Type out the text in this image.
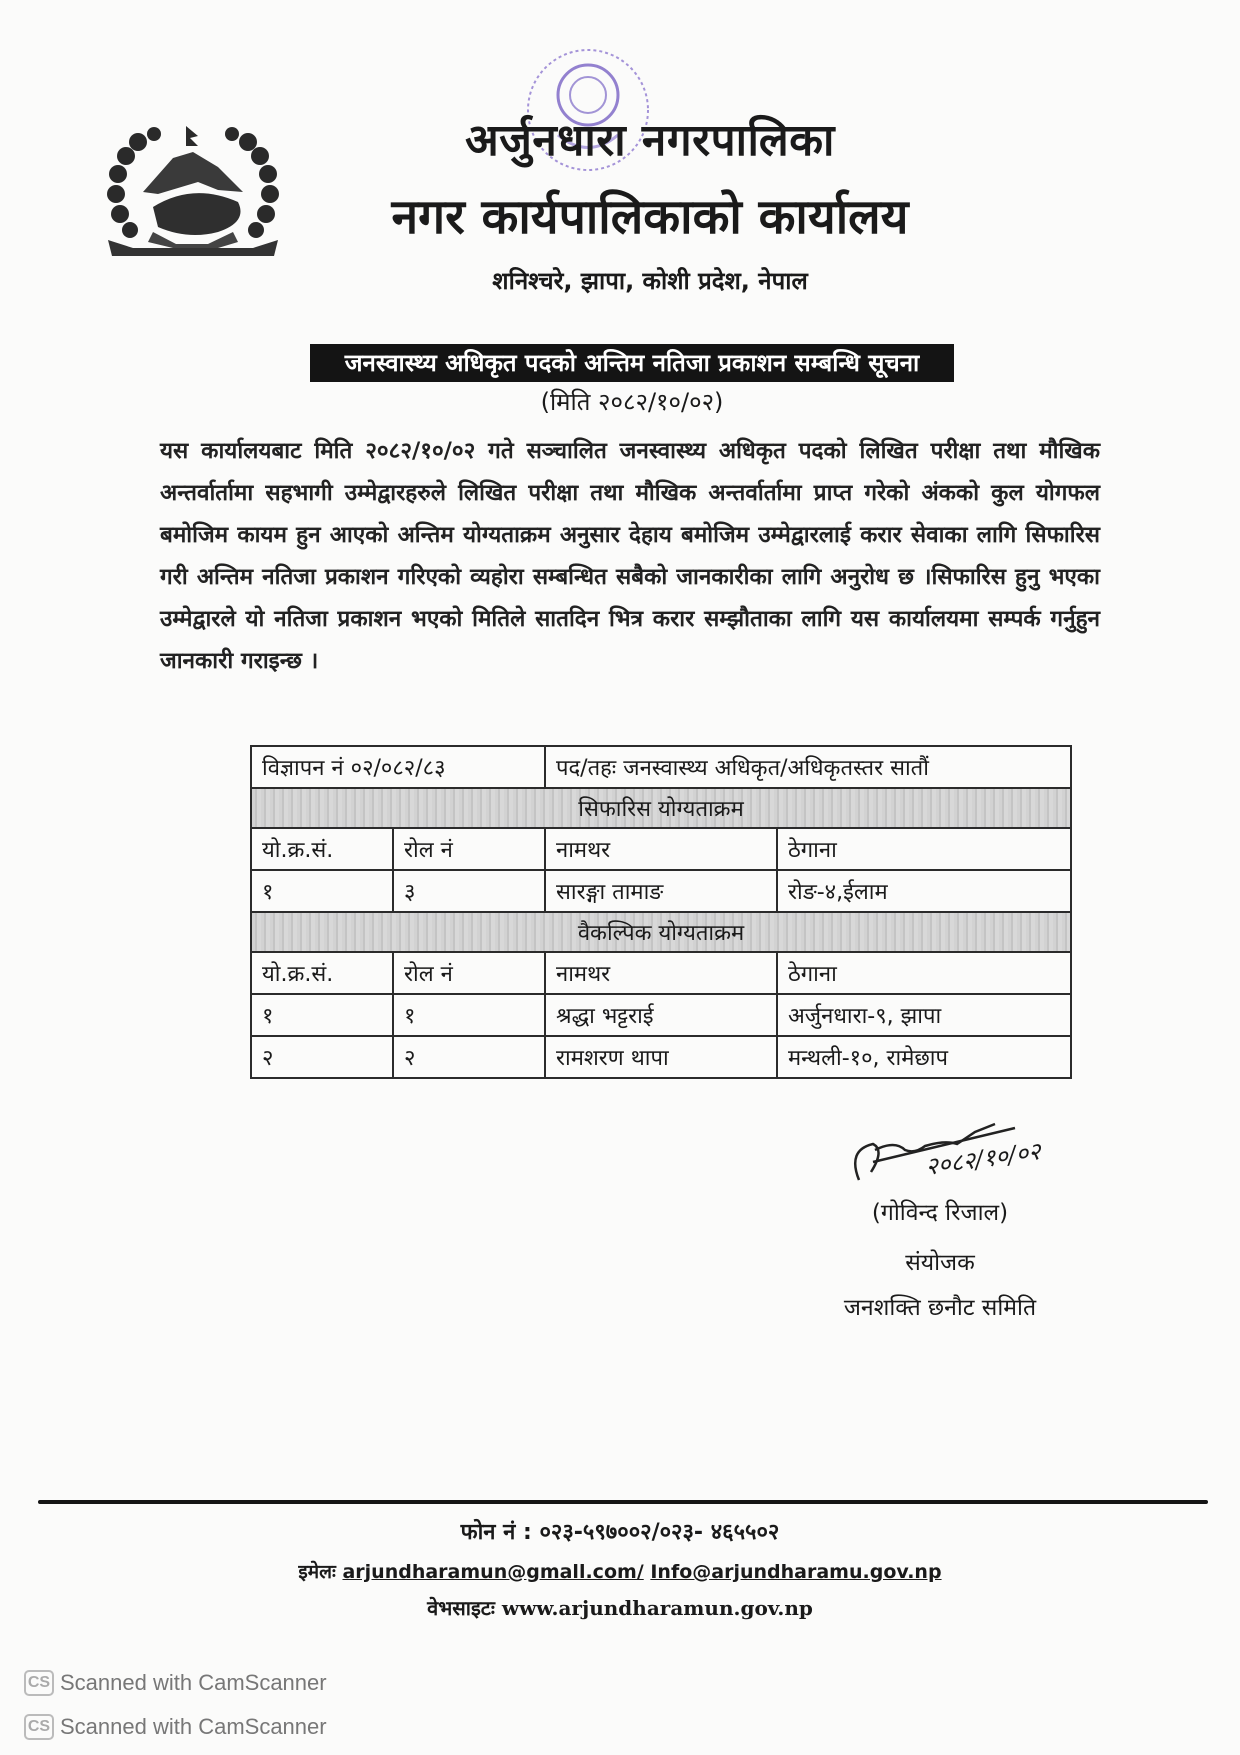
अर्जुनधारा नगरपालिका
नगर कार्यपालिकाको कार्यालय
शनिश्चरे, झापा, कोशी प्रदेश, नेपाल
जनस्वास्थ्य अधिकृत पदको अन्तिम नतिजा प्रकाशन सम्बन्धि सूचना
(मिति २०८२/१०/०२)
यस कार्यालयबाट मिति २०८२/१०/०२ गते सञ्चालित जनस्वास्थ्य अधिकृत पदको लिखित परीक्षा तथा मौखिक अन्तर्वार्तामा सहभागी उम्मेद्वारहरुले लिखित परीक्षा तथा मौखिक अन्तर्वार्तामा प्राप्त गरेको अंकको कुल योगफल बमोजिम कायम हुन आएको अन्तिम योग्यताक्रम अनुसार देहाय बमोजिम उम्मेद्वारलाई करार सेवाका लागि सिफारिस गरी अन्तिम नतिजा प्रकाशन गरिएको व्यहोरा सम्बन्धित सबैको जानकारीका लागि अनुरोध छ ।सिफारिस हुनु भएका उम्मेद्वारले यो नतिजा प्रकाशन भएको मितिले सातदिन भित्र करार सम्झौताका लागि यस कार्यालयमा सम्पर्क गर्नुहुन जानकारी गराइन्छ ।
विज्ञापन नं ०२/०८२/८३		पद/तहः जनस्वास्थ्य अधिकृत/अधिकृतस्तर सातौं	
सिफारिस योग्यताक्रम			
यो.क्र.सं.	रोल नं	नामथर	ठेगाना
१	३	सारङ्गा तामाङ	रोङ-४,ईलाम
वैकल्पिक योग्यताक्रम			
यो.क्र.सं.	रोल नं	नामथर	ठेगाना
१	१	श्रद्धा भट्टराई	अर्जुनधारा-९, झापा
२	२	रामशरण थापा	मन्थली-१०, रामेछाप
२०८२/१०/०२
(गोविन्द रिजाल)
संयोजक
जनशक्ति छनौट समिति
फोन नं : ०२३-५९७००२/०२३- ४६५५०२
इमेलः arjundharamun@gmall.com/ Info@arjundharamu.gov.np
वेभसाइटः www.arjundharamun.gov.np
CS Scanned with CamScanner
CS Scanned with CamScanner
